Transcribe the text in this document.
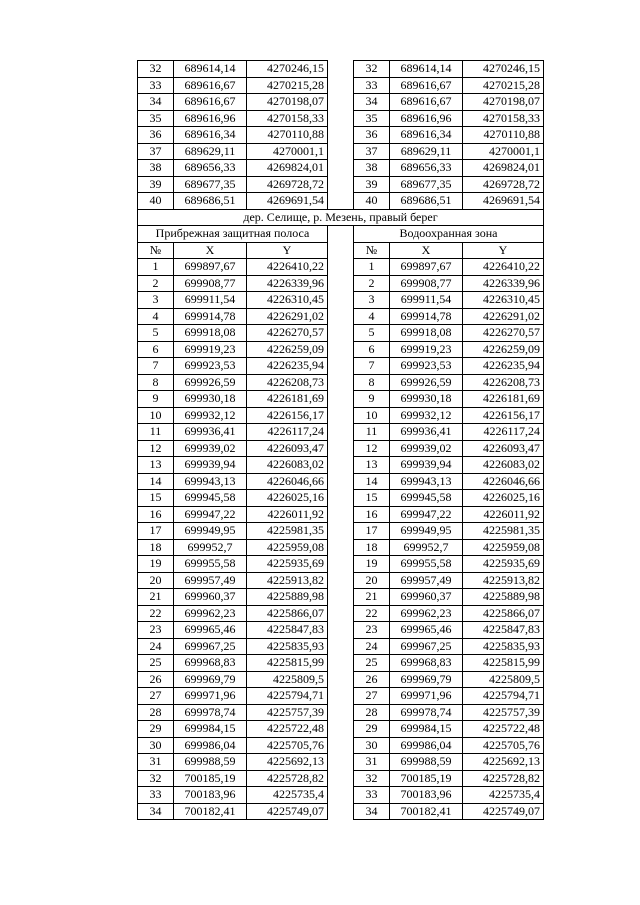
32	689614,14	4270246,15		32	689614,14	4270246,15
33	689616,67	4270215,28		33	689616,67	4270215,28
34	689616,67	4270198,07		34	689616,67	4270198,07
35	689616,96	4270158,33		35	689616,96	4270158,33
36	689616,34	4270110,88		36	689616,34	4270110,88
37	689629,11	4270001,1		37	689629,11	4270001,1
38	689656,33	4269824,01		38	689656,33	4269824,01
39	689677,35	4269728,72		39	689677,35	4269728,72
40	689686,51	4269691,54		40	689686,51	4269691,54
дер. Селище, р. Мезень, правый берег						
Прибрежная защитная полоса				Водоохранная зона		
№	X	Y		№	X	Y
1	699897,67	4226410,22		1	699897,67	4226410,22
2	699908,77	4226339,96		2	699908,77	4226339,96
3	699911,54	4226310,45		3	699911,54	4226310,45
4	699914,78	4226291,02		4	699914,78	4226291,02
5	699918,08	4226270,57		5	699918,08	4226270,57
6	699919,23	4226259,09		6	699919,23	4226259,09
7	699923,53	4226235,94		7	699923,53	4226235,94
8	699926,59	4226208,73		8	699926,59	4226208,73
9	699930,18	4226181,69		9	699930,18	4226181,69
10	699932,12	4226156,17		10	699932,12	4226156,17
11	699936,41	4226117,24		11	699936,41	4226117,24
12	699939,02	4226093,47		12	699939,02	4226093,47
13	699939,94	4226083,02		13	699939,94	4226083,02
14	699943,13	4226046,66		14	699943,13	4226046,66
15	699945,58	4226025,16		15	699945,58	4226025,16
16	699947,22	4226011,92		16	699947,22	4226011,92
17	699949,95	4225981,35		17	699949,95	4225981,35
18	699952,7	4225959,08		18	699952,7	4225959,08
19	699955,58	4225935,69		19	699955,58	4225935,69
20	699957,49	4225913,82		20	699957,49	4225913,82
21	699960,37	4225889,98		21	699960,37	4225889,98
22	699962,23	4225866,07		22	699962,23	4225866,07
23	699965,46	4225847,83		23	699965,46	4225847,83
24	699967,25	4225835,93		24	699967,25	4225835,93
25	699968,83	4225815,99		25	699968,83	4225815,99
26	699969,79	4225809,5		26	699969,79	4225809,5
27	699971,96	4225794,71		27	699971,96	4225794,71
28	699978,74	4225757,39		28	699978,74	4225757,39
29	699984,15	4225722,48		29	699984,15	4225722,48
30	699986,04	4225705,76		30	699986,04	4225705,76
31	699988,59	4225692,13		31	699988,59	4225692,13
32	700185,19	4225728,82		32	700185,19	4225728,82
33	700183,96	4225735,4		33	700183,96	4225735,4
34	700182,41	4225749,07		34	700182,41	4225749,07
